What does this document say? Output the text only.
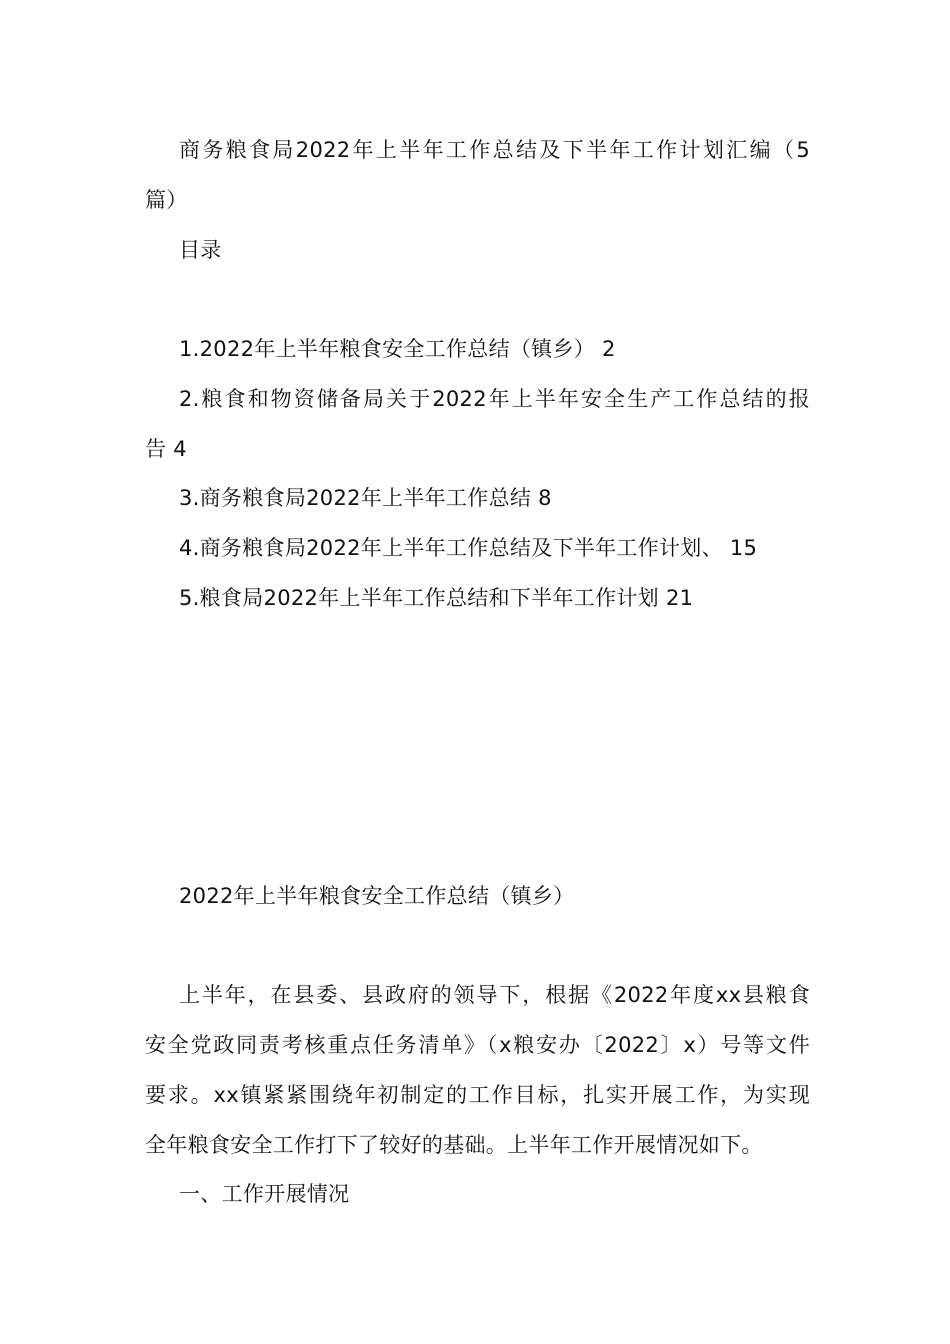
商务粮食局2022年上半年工作总结及下半年工作计划汇编（5
篇）
目录
1.2022年上半年粮食安全工作总结（镇乡） 2
2.粮食和物资储备局关于2022年上半年安全生产工作总结的报
告 4
3.商务粮食局2022年上半年工作总结 8
4.商务粮食局2022年上半年工作总结及下半年工作计划、 15
5.粮食局2022年上半年工作总结和下半年工作计划 21
2022年上半年粮食安全工作总结（镇乡）
上半年，在县委、县政府的领导下，根据《2022年度xx县粮食
安全党政同责考核重点任务清单》（x粮安办〔2022〕x）号等文件
要求。xx镇紧紧围绕年初制定的工作目标，扎实开展工作，为实现
全年粮食安全工作打下了较好的基础。上半年工作开展情况如下。
一、工作开展情况
